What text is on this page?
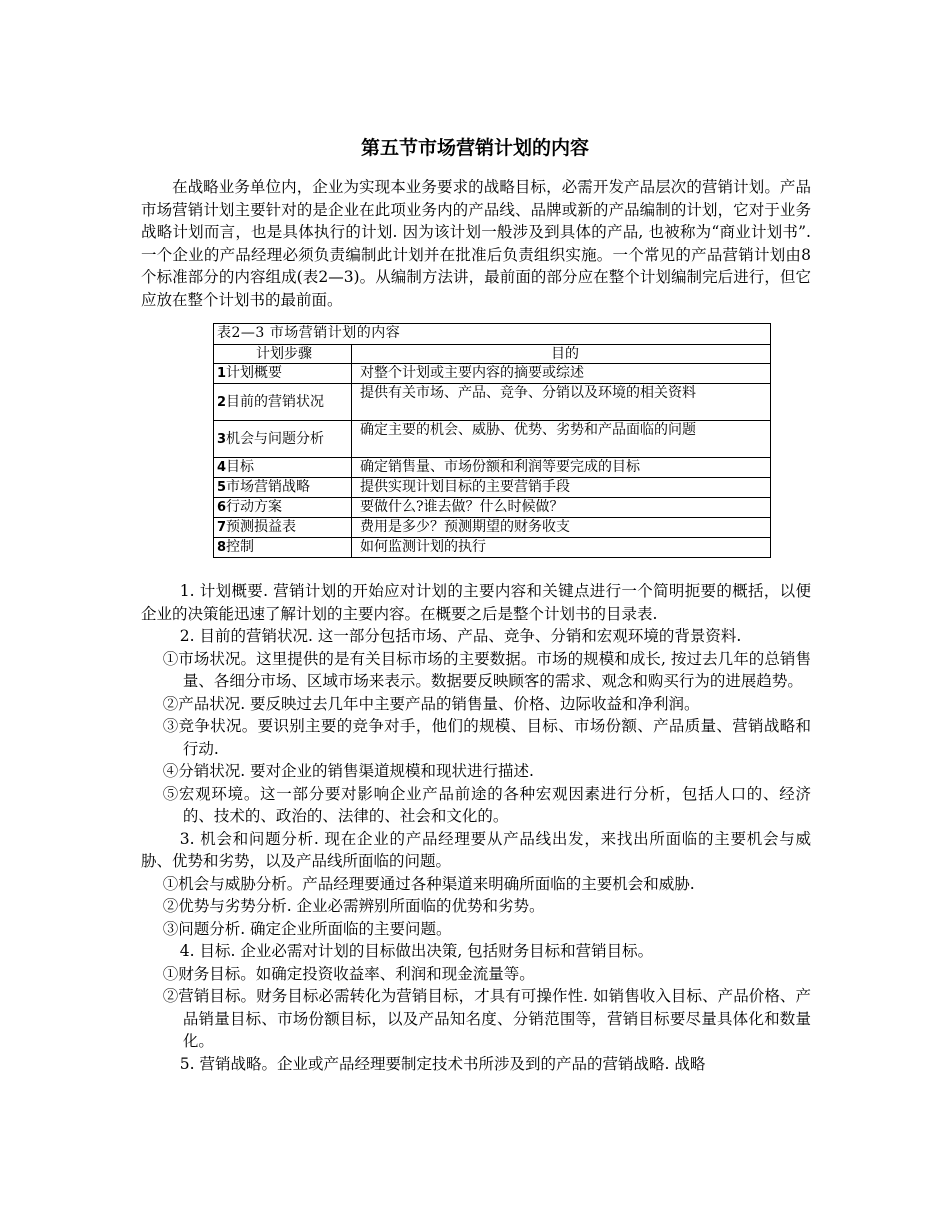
第五节市场营销计划的内容

在战略业务单位内，企业为实现本业务要求的战略目标，必需开发产品层次的营销计划。产品市场营销计划主要针对的是企业在此项业务内的产品线、品牌或新的产品编制的计划，它对于业务战略计划而言，也是具体执行的计划. 因为该计划一般涉及到具体的产品, 也被称为“商业计划书”. 一个企业的产品经理必须负责编制此计划并在批准后负责组织实施。一个常见的产品营销计划由8个标准部分的内容组成(表2—3)。从编制方法讲，最前面的部分应在整个计划编制完后进行，但它应放在整个计划书的最前面。

表2—3 市场营销计划的内容	
计划步骤	目的
1计划概要	对整个计划或主要内容的摘要或综述
2目前的营销状况	提供有关市场、产品、竞争、分销以及环境的相关资料
3机会与问题分析	确定主要的机会、威胁、优势、劣势和产品面临的问题
4目标	确定销售量、市场份额和利润等要完成的目标
5市场营销战略	提供实现计划目标的主要营销手段
6行动方案	要做什么?谁去做？什么时候做？
7预测损益表	费用是多少？预测期望的财务收支
8控制	如何监测计划的执行

1. 计划概要. 营销计划的开始应对计划的主要内容和关键点进行一个简明扼要的概括，以便企业的决策能迅速了解计划的主要内容。在概要之后是整个计划书的目录表.

2. 目前的营销状况. 这一部分包括市场、产品、竞争、分销和宏观环境的背景资料.

①市场状况。这里提供的是有关目标市场的主要数据。市场的规模和成长, 按过去几年的总销售量、各细分市场、区域市场来表示。数据要反映顾客的需求、观念和购买行为的进展趋势。

②产品状况. 要反映过去几年中主要产品的销售量、价格、边际收益和净利润。

③竞争状况。要识别主要的竞争对手，他们的规模、目标、市场份额、产品质量、营销战略和行动.

④分销状况. 要对企业的销售渠道规模和现状进行描述.

⑤宏观环境。这一部分要对影响企业产品前途的各种宏观因素进行分析，包括人口的、经济的、技术的、政治的、法律的、社会和文化的。

3. 机会和问题分析. 现在企业的产品经理要从产品线出发，来找出所面临的主要机会与威胁、优势和劣势，以及产品线所面临的问题。

①机会与威胁分析。产品经理要通过各种渠道来明确所面临的主要机会和威胁.

②优势与劣势分析. 企业必需辨别所面临的优势和劣势。

③问题分析. 确定企业所面临的主要问题。

4. 目标. 企业必需对计划的目标做出决策, 包括财务目标和营销目标。

①财务目标。如确定投资收益率、利润和现金流量等。

②营销目标。财务目标必需转化为营销目标，才具有可操作性. 如销售收入目标、产品价格、产品销量目标、市场份额目标，以及产品知名度、分销范围等，营销目标要尽量具体化和数量化。

5. 营销战略。企业或产品经理要制定技术书所涉及到的产品的营销战略. 战略
